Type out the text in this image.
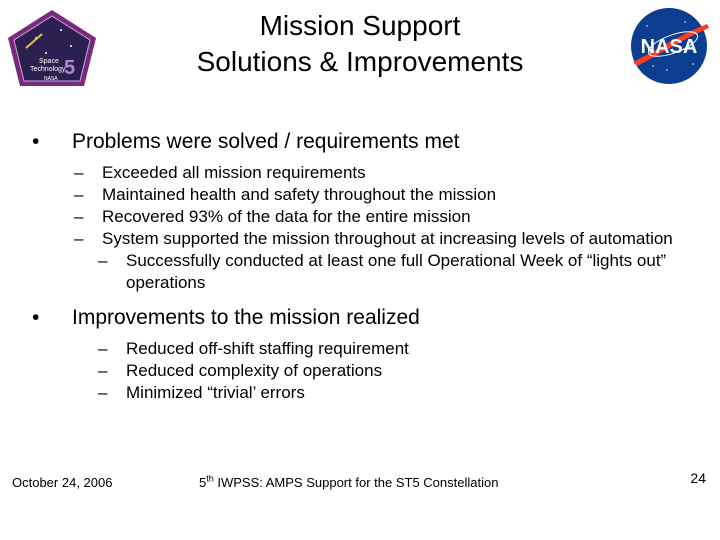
Space
Technology
5
NASA
Mission Support
Solutions & Improvements	NASA
•	Problems were solved / requirements met
–	Exceeded all mission requirements
–	Maintained health and safety throughout the mission
–	Recovered 93% of the data for the entire mission
–	System supported the mission throughout at increasing levels of automation
–	Successfully conducted at least one full Operational Week of “lights out” operations
•	Improvements to the mission realized
–	Reduced off-shift staffing requirement
–	Reduced complexity of operations
–	Minimized “trivial’ errors
October 24, 2006	5th IWPSS: AMPS Support for the ST5 Constellation	24
